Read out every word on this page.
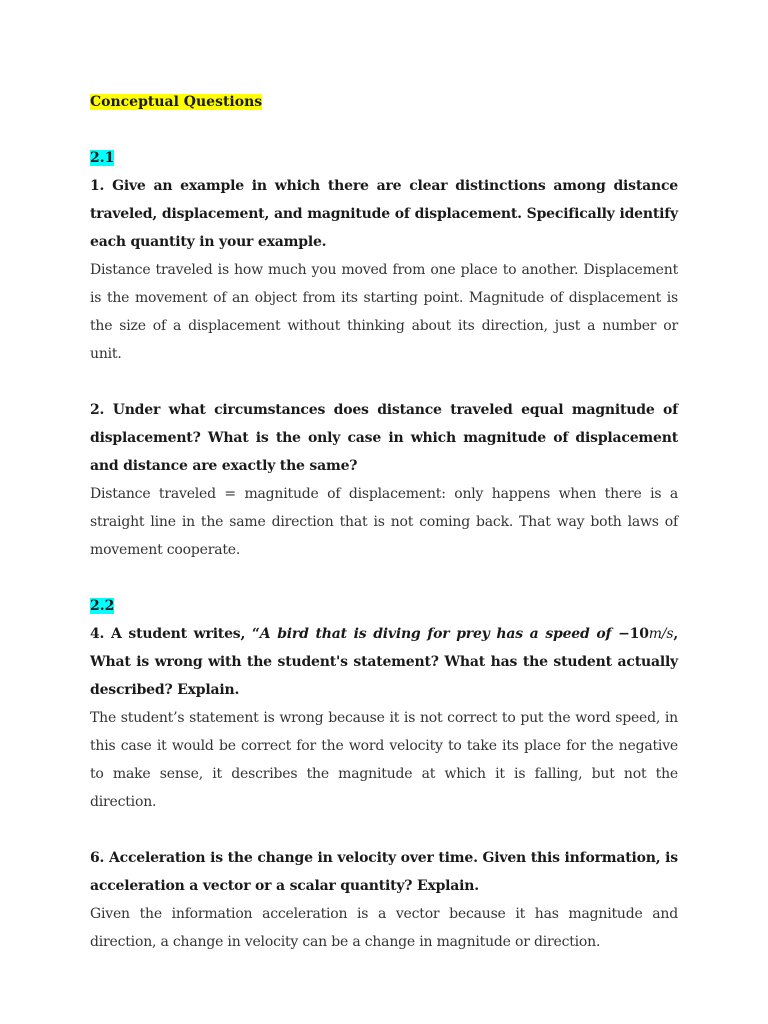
Conceptual Questions
2.1
1. Give an example in which there are clear distinctions among distance traveled, displacement, and magnitude of displacement. Specifically identify each quantity in your example.
Distance traveled is how much you moved from one place to another. Displacement is the movement of an object from its starting point. Magnitude of displacement is the size of a displacement without thinking about its direction, just a number or unit.
2. Under what circumstances does distance traveled equal magnitude of displacement? What is the only case in which magnitude of displacement and distance are exactly the same?
Distance traveled = magnitude of displacement: only happens when there is a straight line in the same direction that is not coming back. That way both laws of movement cooperate.
2.2
4. A student writes, “A bird that is diving for prey has a speed of −10m/s, What is wrong with the student's statement? What has the student actually described? Explain.
The student’s statement is wrong because it is not correct to put the word speed, in this case it would be correct for the word velocity to take its place for the negative to make sense, it describes the magnitude at which it is falling, but not the direction.
6. Acceleration is the change in velocity over time. Given this information, is acceleration a vector or a scalar quantity? Explain.
Given the information acceleration is a vector because it has magnitude and direction, a change in velocity can be a change in magnitude or direction.
